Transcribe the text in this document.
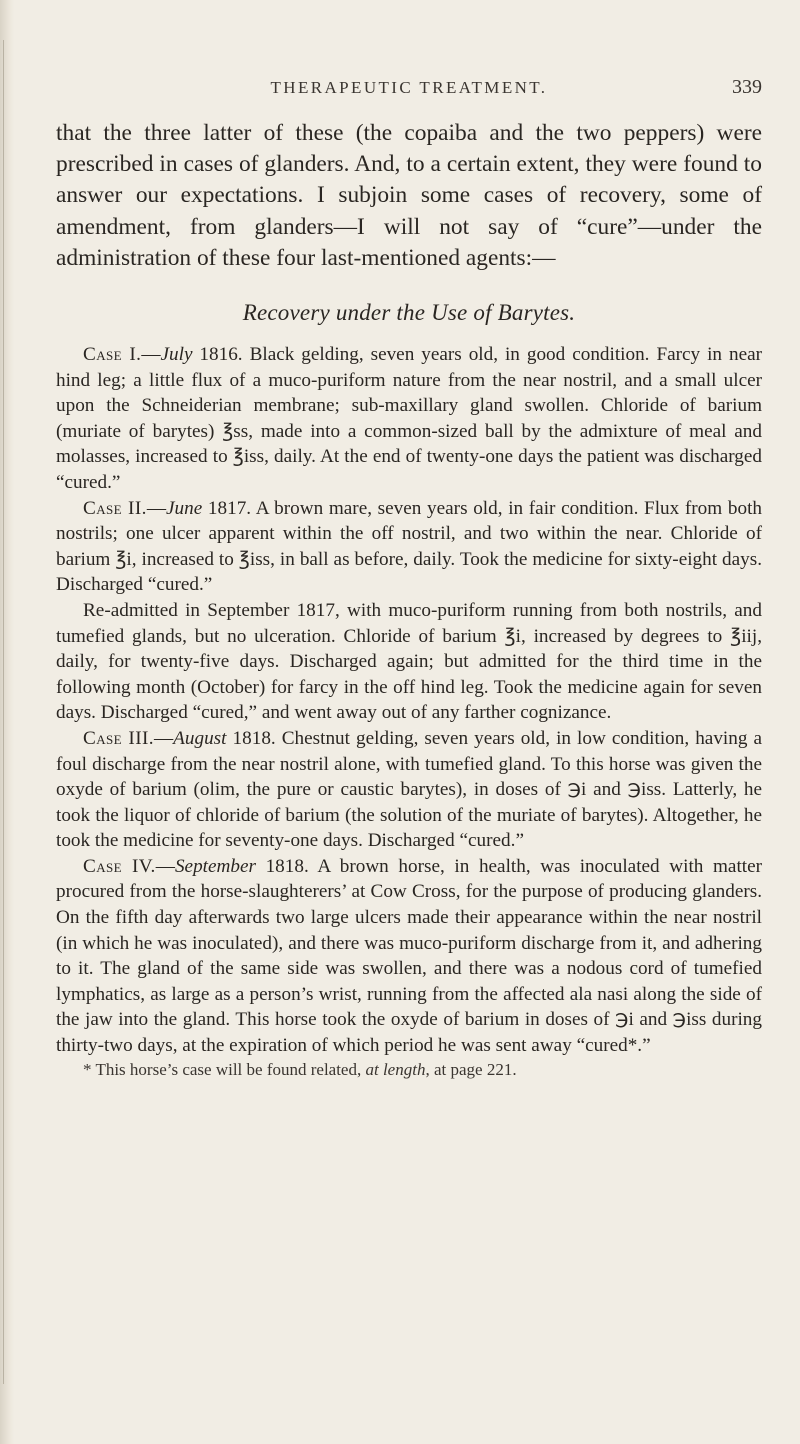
THERAPEUTIC TREATMENT.	339

that the three latter of these (the copaiba and the two peppers) were prescribed in cases of glanders. And, to a certain extent, they were found to answer our expectations. I subjoin some cases of recovery, some of amendment, from glanders—I will not say of “cure”—under the administration of these four last-mentioned agents:—

Recovery under the Use of Barytes.

Case I.—July 1816. Black gelding, seven years old, in good condition. Farcy in near hind leg; a little flux of a muco-puriform nature from the near nostril, and a small ulcer upon the Schneiderian membrane; sub-maxillary gland swollen. Chloride of barium (muriate of barytes) ℥ss, made into a common-sized ball by the admixture of meal and molasses, increased to ℥iss, daily. At the end of twenty-one days the patient was discharged “cured.”

Case II.—June 1817. A brown mare, seven years old, in fair condition. Flux from both nostrils; one ulcer apparent within the off nostril, and two within the near. Chloride of barium ℥i, increased to ℥iss, in ball as before, daily. Took the medicine for sixty-eight days. Discharged “cured.”

Re-admitted in September 1817, with muco-puriform running from both nostrils, and tumefied glands, but no ulceration. Chloride of barium ℥i, increased by degrees to ℥iij, daily, for twenty-five days. Discharged again; but admitted for the third time in the following month (October) for farcy in the off hind leg. Took the medicine again for seven days. Discharged “cured,” and went away out of any farther cognizance.

Case III.—August 1818. Chestnut gelding, seven years old, in low condition, having a foul discharge from the near nostril alone, with tumefied gland. To this horse was given the oxyde of barium (olim, the pure or caustic barytes), in doses of ℈i and ℈iss. Latterly, he took the liquor of chloride of barium (the solution of the muriate of barytes). Altogether, he took the medicine for seventy-one days. Discharged “cured.”

Case IV.—September 1818. A brown horse, in health, was inoculated with matter procured from the horse-slaughterers’ at Cow Cross, for the purpose of producing glanders. On the fifth day afterwards two large ulcers made their appearance within the near nostril (in which he was inoculated), and there was muco-puriform discharge from it, and adhering to it. The gland of the same side was swollen, and there was a nodous cord of tumefied lymphatics, as large as a person’s wrist, running from the affected ala nasi along the side of the jaw into the gland. This horse took the oxyde of barium in doses of ℈i and ℈iss during thirty-two days, at the expiration of which period he was sent away “cured*.”

* This horse’s case will be found related, at length, at page 221.
